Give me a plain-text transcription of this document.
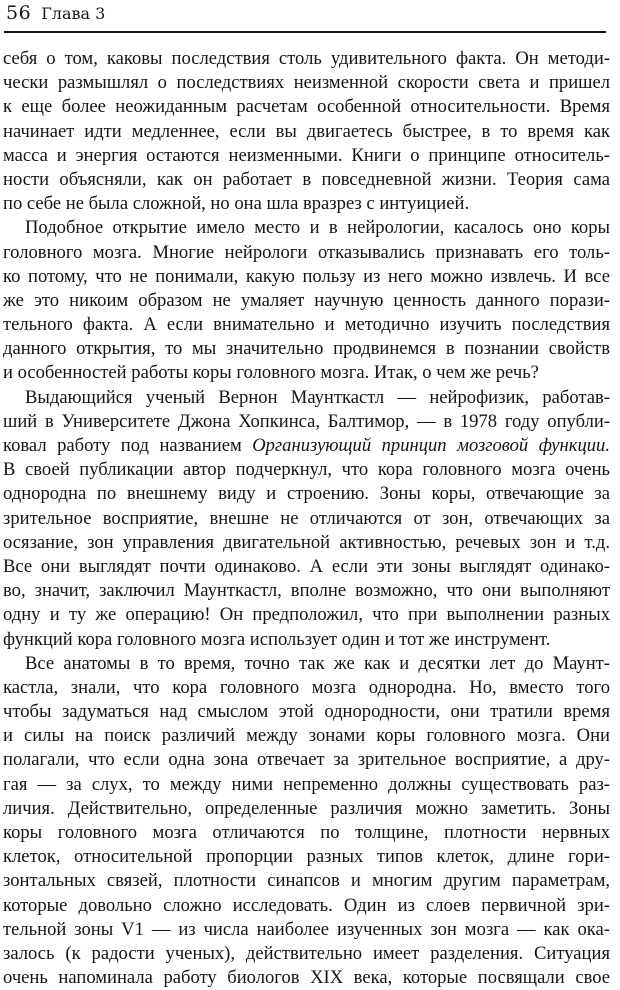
56 Глава 3
себя о том, каковы последствия столь удивительного факта. Он методи-
чески размышлял о последствиях неизменной скорости света и пришел
к еще более неожиданным расчетам особенной относительности. Время
начинает идти медленнее, если вы двигаетесь быстрее, в то время как
масса и энергия остаются неизменными. Книги о принципе относитель-
ности объясняли, как он работает в повседневной жизни. Теория сама
по себе не была сложной, но она шла вразрез с интуицией.
Подобное открытие имело место и в нейрологии, касалось оно коры
головного мозга. Многие нейрологи отказывались признавать его толь-
ко потому, что не понимали, какую пользу из него можно извлечь. И все
же это никоим образом не умаляет научную ценность данного порази-
тельного факта. А если внимательно и методично изучить последствия
данного открытия, то мы значительно продвинемся в познании свойств
и особенностей работы коры головного мозга. Итак, о чем же речь?
Выдающийся ученый Вернон Маунткастл — нейрофизик, работав-
ший в Университете Джона Хопкинса, Балтимор, — в 1978 году опубли-
ковал работу под названием Организующий принцип мозговой функции.
В своей публикации автор подчеркнул, что кора головного мозга очень
однородна по внешнему виду и строению. Зоны коры, отвечающие за
зрительное восприятие, внешне не отличаются от зон, отвечающих за
осязание, зон управления двигательной активностью, речевых зон и т.д.
Все они выглядят почти одинаково. А если эти зоны выглядят одинако-
во, значит, заключил Маунткастл, вполне возможно, что они выполняют
одну и ту же операцию! Он предположил, что при выполнении разных
функций кора головного мозга использует один и тот же инструмент.
Все анатомы в то время, точно так же как и десятки лет до Маунт-
кастла, знали, что кора головного мозга однородна. Но, вместо того
чтобы задуматься над смыслом этой однородности, они тратили время
и силы на поиск различий между зонами коры головного мозга. Они
полагали, что если одна зона отвечает за зрительное восприятие, а дру-
гая — за слух, то между ними непременно должны существовать раз-
личия. Действительно, определенные различия можно заметить. Зоны
коры головного мозга отличаются по толщине, плотности нервных
клеток, относительной пропорции разных типов клеток, длине гори-
зонтальных связей, плотности синапсов и многим другим параметрам,
которые довольно сложно исследовать. Один из слоев первичной зри-
тельной зоны V1 — из числа наиболее изученных зон мозга — как ока-
залось (к радости ученых), действительно имеет разделения. Ситуация
очень напоминала работу биологов XIX века, которые посвящали свое
